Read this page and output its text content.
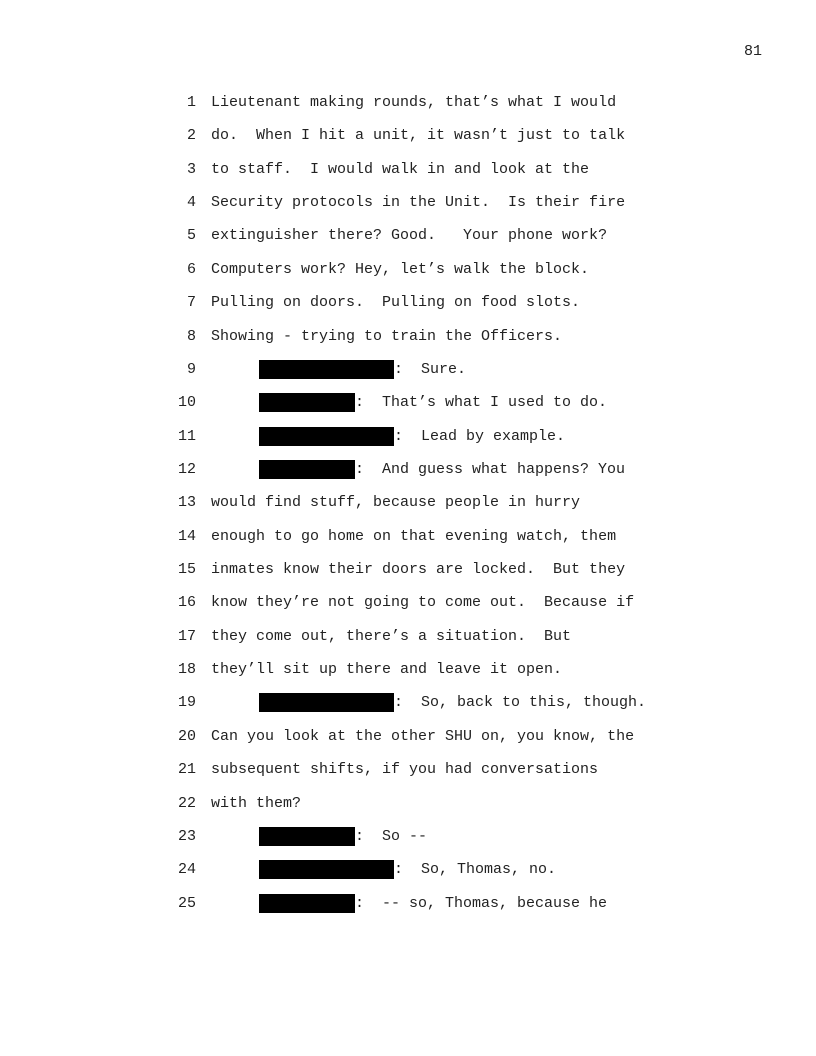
81
1 Lieutenant making rounds, that’s what I would
2 do.  When I hit a unit, it wasn’t just to talk
3 to staff.  I would walk in and look at the
4 Security protocols in the Unit.  Is their fire
5 extinguisher there? Good.   Your phone work?
6 Computers work? Hey, let’s walk the block.
7 Pulling on doors.  Pulling on food slots.
8 Showing - trying to train the Officers.
9	:  Sure.
10	:  That’s what I used to do.
11	:  Lead by example.
12	:  And guess what happens? You
13 would find stuff, because people in hurry
14 enough to go home on that evening watch, them
15 inmates know their doors are locked.  But they
16 know they’re not going to come out.  Because if
17 they come out, there’s a situation.  But
18 they’ll sit up there and leave it open.
19	:  So, back to this, though.
20 Can you look at the other SHU on, you know, the
21 subsequent shifts, if you had conversations
22 with them?
23	:  So --
24	:  So, Thomas, no.
25	:  -- so, Thomas, because he
